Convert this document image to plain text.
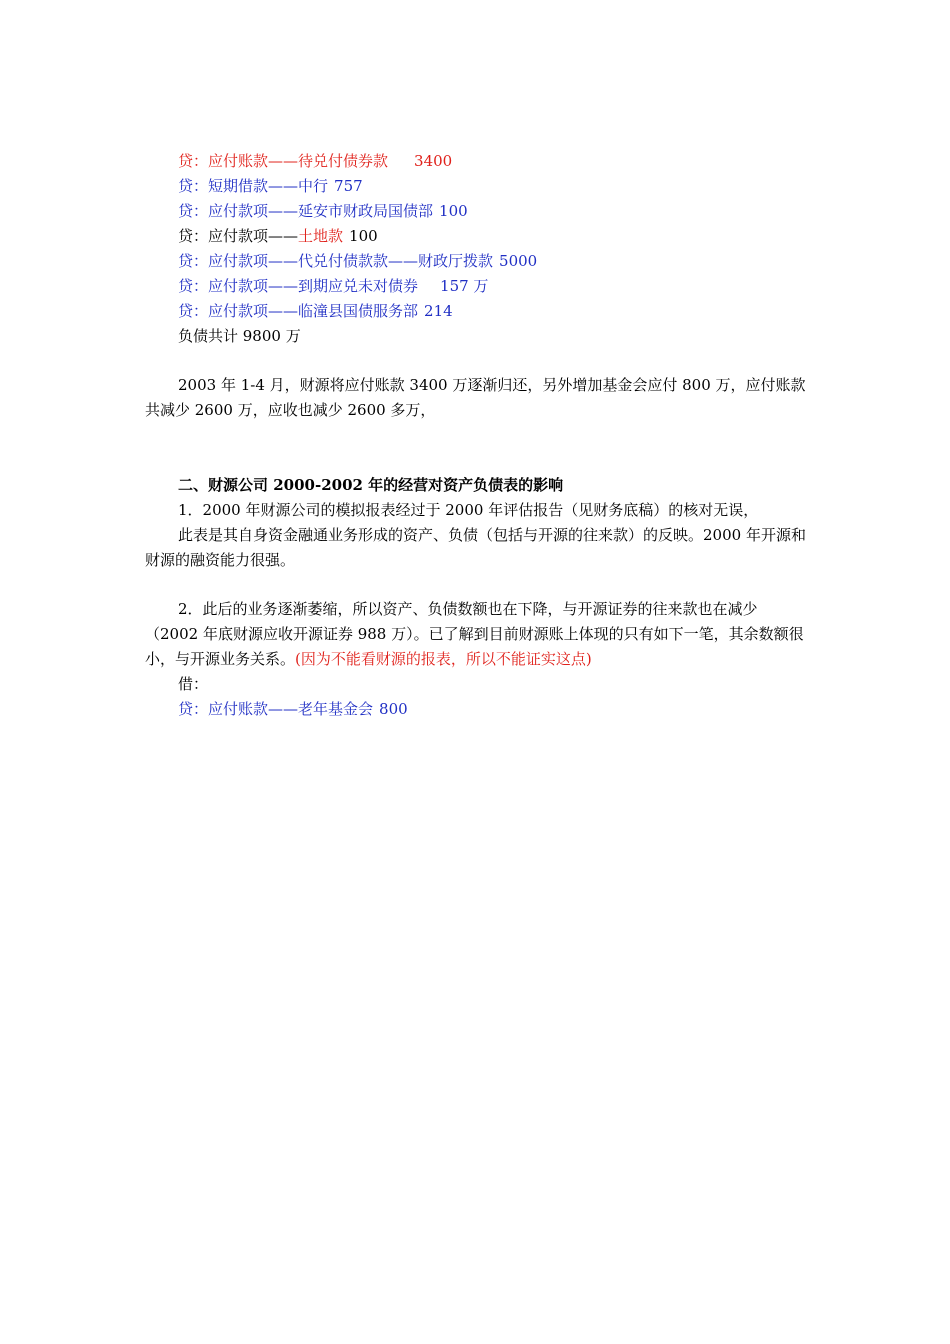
贷：应付账款——待兑付债券款 3400
贷：短期借款——中行 757
贷：应付款项——延安市财政局国债部 100
贷：应付款项——土地款 100
贷：应付款项——代兑付债款款——财政厅拨款 5000
贷：应付款项——到期应兑未对债券 157 万
贷：应付款项——临潼县国债服务部 214
负债共计 9800 万
2003 年 1-4 月，财源将应付账款 3400 万逐渐归还，另外增加基金会应付 800 万，应付账款共减少 2600 万，应收也减少 2600 多万，
二、财源公司 2000-2002 年的经营对资产负债表的影响
1．2000 年财源公司的模拟报表经过于 2000 年评估报告（见财务底稿）的核对无误，
此表是其自身资金融通业务形成的资产、负债（包括与开源的往来款）的反映。2000 年开源和财源的融资能力很强。
2．此后的业务逐渐萎缩，所以资产、负债数额也在下降，与开源证券的往来款也在减少（2002 年底财源应收开源证券 988 万）。已了解到目前财源账上体现的只有如下一笔，其余数额很小，与开源业务关系。(因为不能看财源的报表，所以不能证实这点)
借：
贷：应付账款——老年基金会 800
